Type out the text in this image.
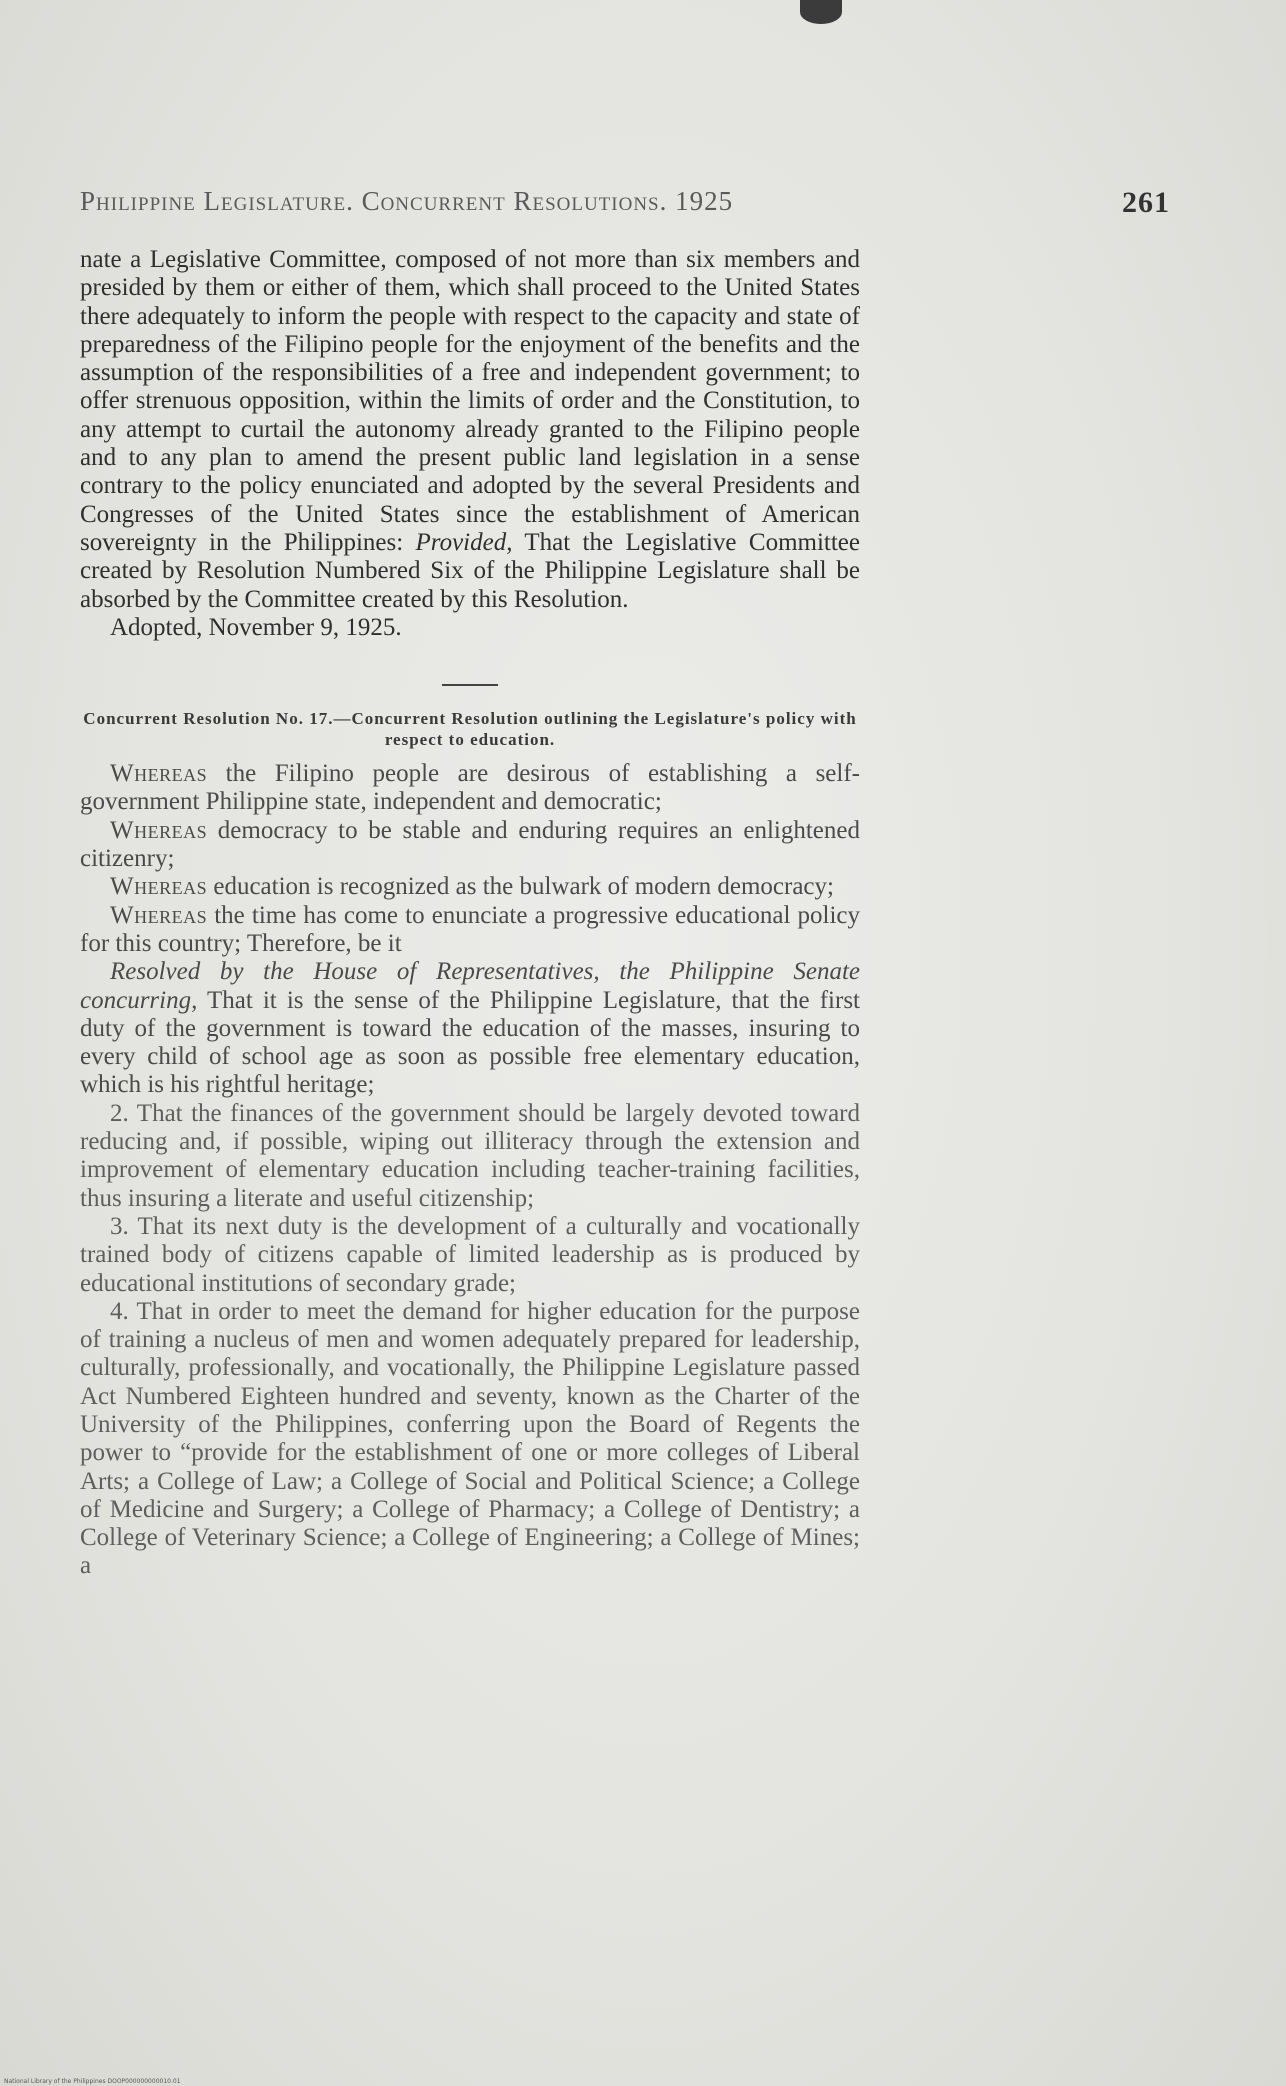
Philippine Legislature. Concurrent Resolutions. 1925	261

nate a Legislative Committee, composed of not more than six members and presided by them or either of them, which shall proceed to the United States there adequately to inform the people with respect to the capacity and state of preparedness of the Filipino people for the enjoyment of the benefits and the assumption of the responsibilities of a free and independent government; to offer strenuous opposition, within the limits of order and the Constitution, to any attempt to curtail the autonomy already granted to the Filipino people and to any plan to amend the present public land legislation in a sense contrary to the policy enunciated and adopted by the several Presidents and Congresses of the United States since the establishment of American sovereignty in the Philippines: Provided, That the Legislative Committee created by Resolution Numbered Six of the Philippine Legislature shall be absorbed by the Committee created by this Resolution.

Adopted, November 9, 1925.

Concurrent Resolution No. 17.—Concurrent Resolution outlining the Legislature's policy with respect to education.

Whereas the Filipino people are desirous of establishing a self-government Philippine state, independent and democratic;

Whereas democracy to be stable and enduring requires an enlightened citizenry;

Whereas education is recognized as the bulwark of modern democracy;

Whereas the time has come to enunciate a progressive educational policy for this country; Therefore, be it

Resolved by the House of Representatives, the Philippine Senate concurring, That it is the sense of the Philippine Legislature, that the first duty of the government is toward the education of the masses, insuring to every child of school age as soon as possible free elementary education, which is his rightful heritage;

2. That the finances of the government should be largely devoted toward reducing and, if possible, wiping out illiteracy through the extension and improvement of elementary education including teacher-training facilities, thus insuring a literate and useful citizenship;

3. That its next duty is the development of a culturally and vocationally trained body of citizens capable of limited leadership as is produced by educational institutions of secondary grade;

4. That in order to meet the demand for higher education for the purpose of training a nucleus of men and women adequately prepared for leadership, culturally, professionally, and vocationally, the Philippine Legislature passed Act Numbered Eighteen hundred and seventy, known as the Charter of the University of the Philippines, conferring upon the Board of Regents the power to “provide for the establishment of one or more colleges of Liberal Arts; a College of Law; a College of Social and Political Science; a College of Medicine and Surgery; a College of Pharmacy; a College of Dentistry; a College of Veterinary Science; a College of Engineering; a College of Mines; a

National Library of the Philippines DOOP000000000010.01
